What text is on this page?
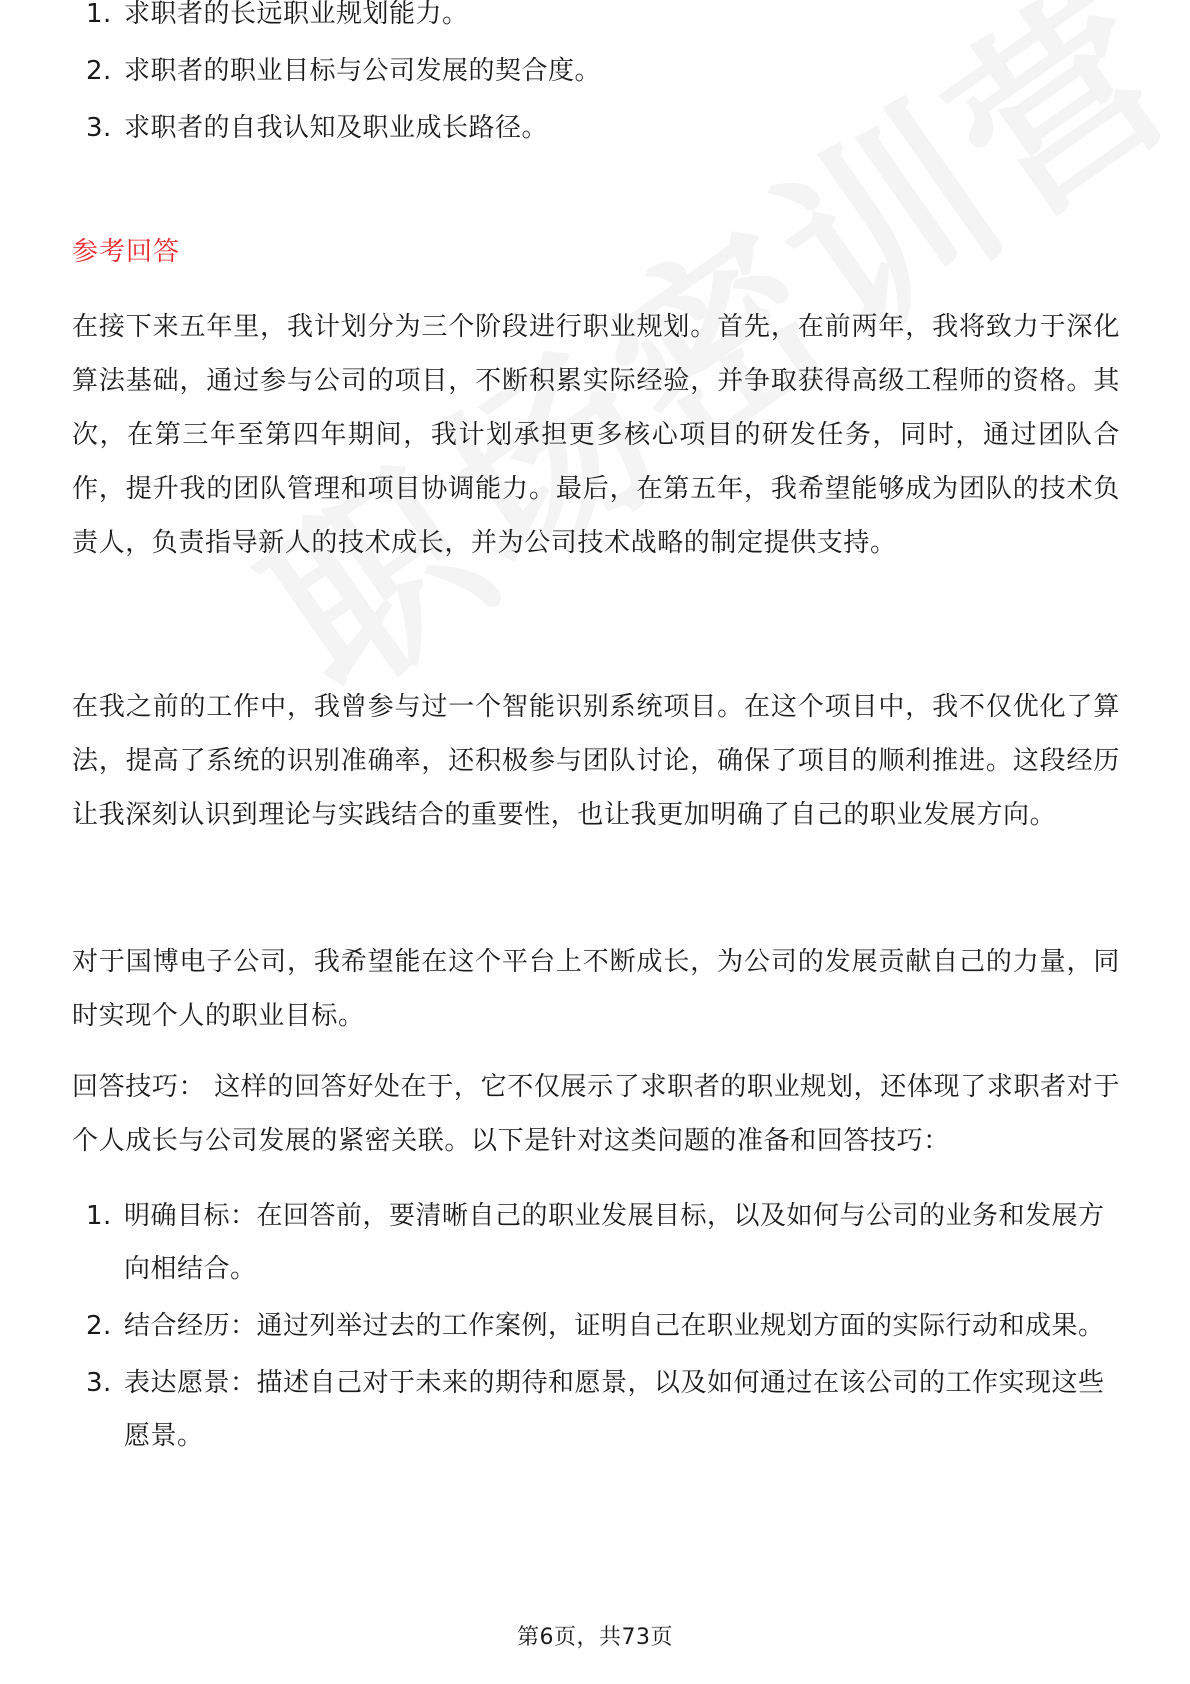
1. 求职者的长远职业规划能力。
2. 求职者的职业目标与公司发展的契合度。
3. 求职者的自我认知及职业成长路径。
参考回答

在接下来五年里，我计划分为三个阶段进行职业规划。首先，在前两年，我将致力于深化算法基础，通过参与公司的项目，不断积累实际经验，并争取获得高级工程师的资格。其次，在第三年至第四年期间，我计划承担更多核心项目的研发任务，同时，通过团队合作，提升我的团队管理和项目协调能力。最后，在第五年，我希望能够成为团队的技术负责人，负责指导新人的技术成长，并为公司技术战略的制定提供支持。

在我之前的工作中，我曾参与过一个智能识别系统项目。在这个项目中，我不仅优化了算法，提高了系统的识别准确率，还积极参与团队讨论，确保了项目的顺利推进。这段经历让我深刻认识到理论与实践结合的重要性，也让我更加明确了自己的职业发展方向。

对于国博电子公司，我希望能在这个平台上不断成长，为公司的发展贡献自己的力量，同时实现个人的职业目标。

回答技巧： 这样的回答好处在于，它不仅展示了求职者的职业规划，还体现了求职者对于个人成长与公司发展的紧密关联。以下是针对这类问题的准备和回答技巧：

1. 明确目标：在回答前，要清晰自己的职业发展目标，以及如何与公司的业务和发展方向相结合。
2. 结合经历：通过列举过去的工作案例，证明自己在职业规划方面的实际行动和成果。
3. 表达愿景：描述自己对于未来的期待和愿景，以及如何通过在该公司的工作实现这些愿景。
第6页，共73页
